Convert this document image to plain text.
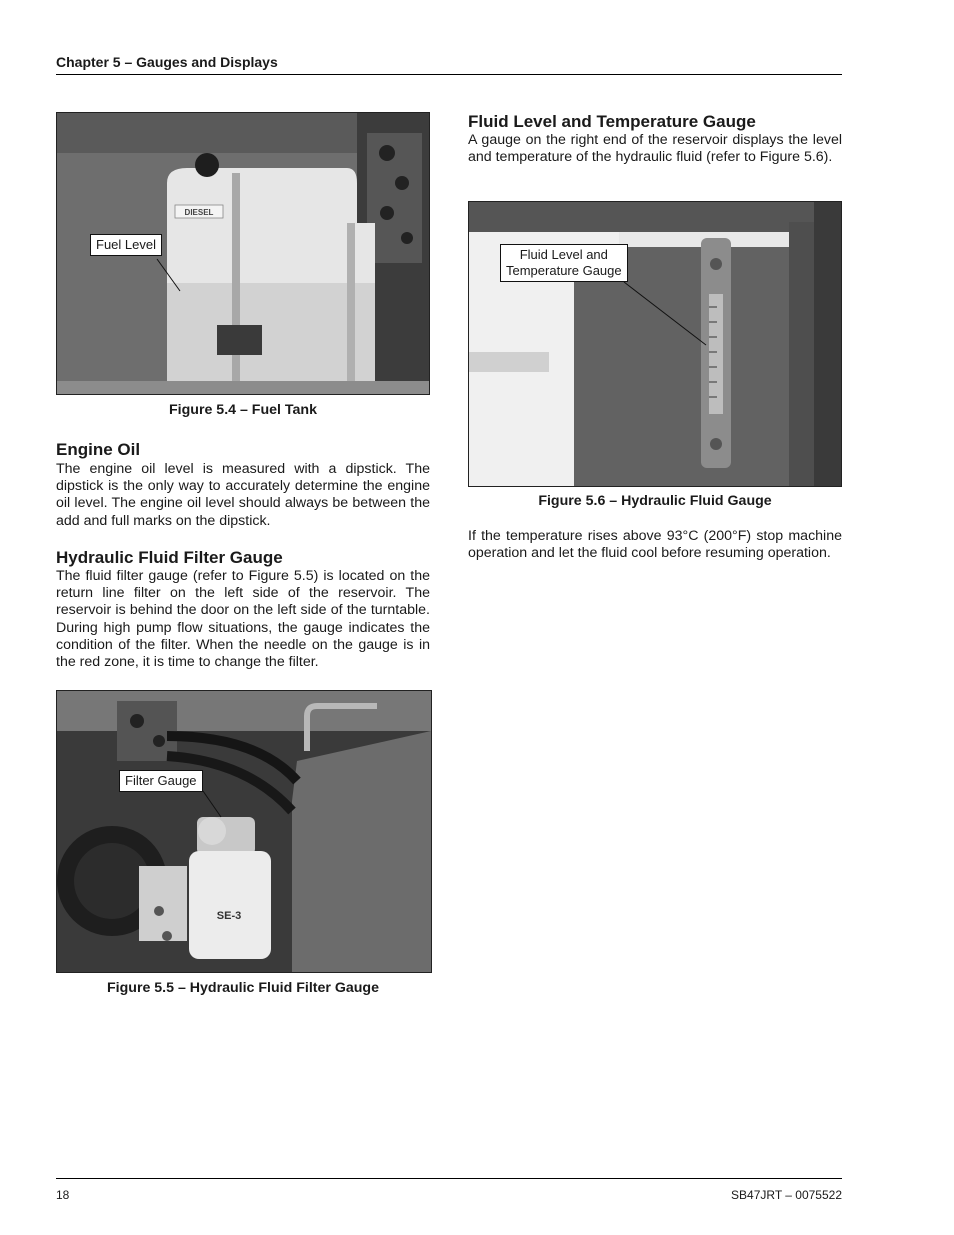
Chapter 5 – Gauges and Displays
DIESEL
Fuel Level
Figure 5.4 – Fuel Tank
Engine Oil

The engine oil level is measured with a dipstick. The dipstick is the only way to accurately determine the engine oil level. The engine oil level should always be between the add and full marks on the dipstick.

Hydraulic Fluid Filter Gauge

The fluid filter gauge (refer to Figure 5.5) is located on the return line filter on the left side of the reservoir. The reservoir is behind the door on the left side of the turntable. During high pump flow situations, the gauge indicates the condition of the filter. When the needle on the gauge is in the red zone, it is time to change the filter.

SE-3
Filter Gauge
Figure 5.5 – Hydraulic Fluid Filter Gauge
Fluid Level and Temperature Gauge

A gauge on the right end of the reservoir displays the level and temperature of the hydraulic fluid (refer to Figure 5.6).

Fluid Level and
Temperature Gauge
Figure 5.6 – Hydraulic Fluid Gauge

If the temperature rises above 93°C (200°F) stop machine operation and let the fluid cool before resuming operation.

18	SB47JRT – 0075522
